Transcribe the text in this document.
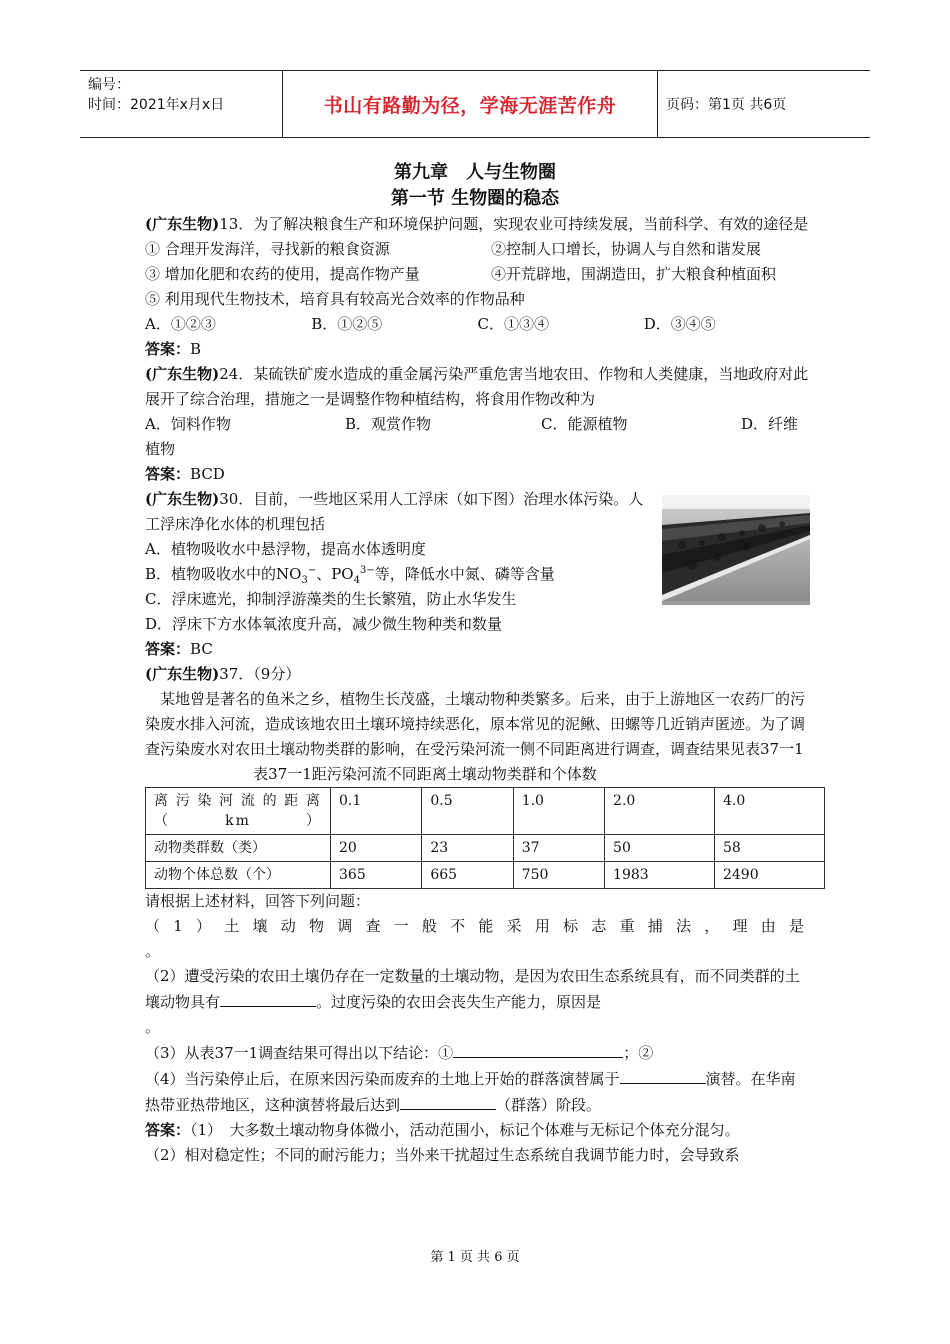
编号：
时间：2021年x月x日	书山有路勤为径，学海无涯苦作舟	页码：第1页 共6页
第九章　人与生物圈
第一节 生物圈的稳态

(广东生物)13．为了解决粮食生产和环境保护问题，实现农业可持续发展，当前科学、有效的途径是

① 合理开发海洋，寻找新的粮食资源	②控制人口增长，协调人与自然和谐发展

③ 增加化肥和农药的使用，提高作物产量	④开荒辟地，围湖造田，扩大粮食种植面积

⑤ 利用现代生物技术，培育具有较高光合效率的作物品种

A．①②③	B．①②⑤	C．①③④	D．③④⑤

答案：B

(广东生物)24．某硫铁矿废水造成的重金属污染严重危害当地农田、作物和人类健康，当地政府对此展开了综合治理，措施之一是调整作物种植结构，将食用作物改种为

A．饲料作物	B．观赏作物	C．能源植物	D．纤维植物

答案：BCD

(广东生物)30．目前，一些地区采用人工浮床（如下图）治理水体污染。人工浮床净化水体的机理包括

A．植物吸收水中悬浮物，提高水体透明度

B．植物吸收水中的$NO_3^-$、$PO_4^{3-}$等，降低水中氮、磷等含量

C．浮床遮光，抑制浮游藻类的生长繁殖，防止水华发生

D．浮床下方水体氧浓度升高，减少微生物种类和数量

答案：BC

(广东生物)37．（9分）

某地曾是著名的鱼米之乡，植物生长茂盛，土壤动物种类繁多。后来，由于上游地区一农药厂的污染废水排入河流，造成该地农田土壤环境持续恶化，原本常见的泥鳅、田螺等几近销声匿迹。为了调查污染废水对农田土壤动物类群的影响，在受污染河流一侧不同距离进行调查，调查结果见表37一1

表37一1距污染河流不同距离土壤动物类群和个体数

离污染河流的距离（km）	0.1	0.5	1.0	2.0	4.0
动物类群数（类）	20	23	37	50	58
动物个体总数（个）	365	665	750	1983	2490

请根据上述材料，回答下列问题：

（1）土壤动物调查一般不能采用标志重捕法，理由是

。

（2）遭受污染的农田土壤仍存在一定数量的土壤动物，是因为农田生态系统具有，而不同类群的土壤动物具有	。过度污染的农田会丧失生产能力，原因是

。

（3）从表37一1调查结果可得出以下结论：①	；②

（4）当污染停止后，在原来因污染而废弃的土地上开始的群落演替属于	演替。在华南热带亚热带地区，这种演替将最后达到	（群落）阶段。

答案：（1）　大多数土壤动物身体微小，活动范围小，标记个体难与无标记个体充分混匀。

（2）相对稳定性；不同的耐污能力；当外来干扰超过生态系统自我调节能力时，会导致系

第 1 页 共 6 页
